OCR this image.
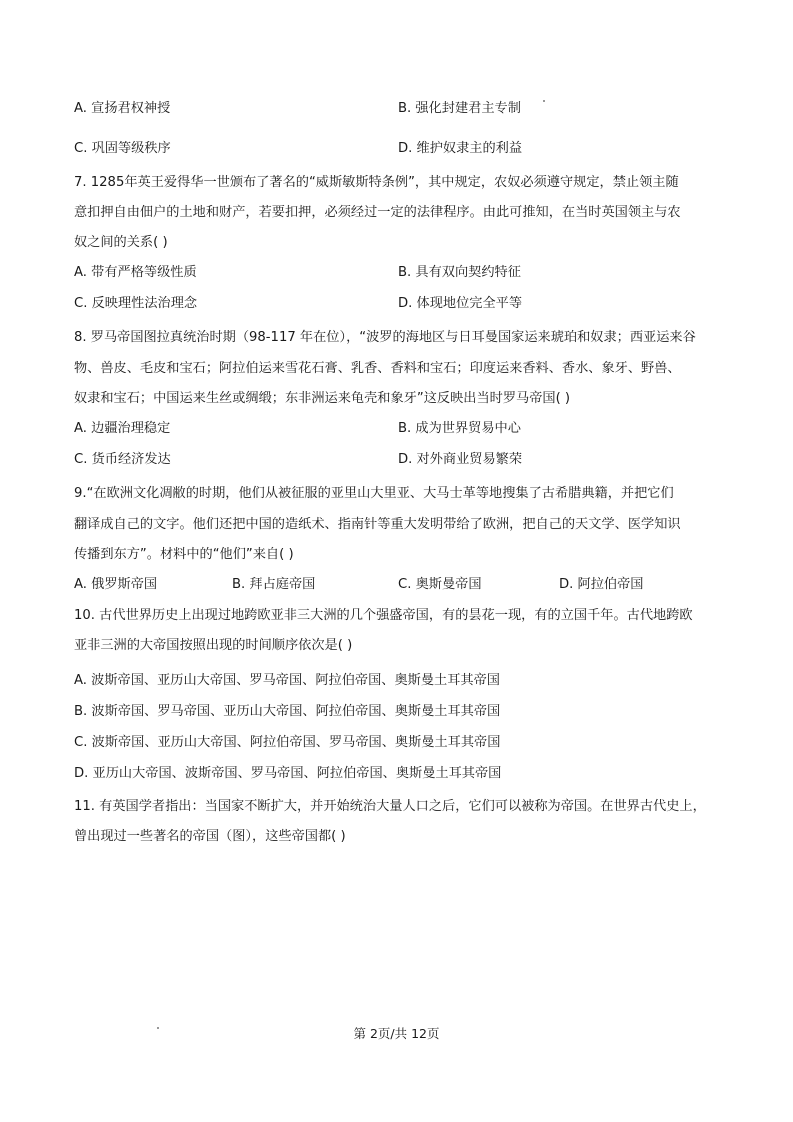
A. 宣扬君权神授	B. 强化封建君主专制
C. 巩固等级秩序	D. 维护奴隶主的利益
7. 1285年英王爱得华一世颁布了著名的“威斯敏斯特条例”，其中规定，农奴必须遵守规定，禁止领主随
意扣押自由佃户的土地和财产，若要扣押，必须经过一定的法律程序。由此可推知，在当时英国领主与农
奴之间的关系( )
A. 带有严格等级性质	B. 具有双向契约特征
C. 反映理性法治理念	D. 体现地位完全平等
8. 罗马帝国图拉真统治时期（98-117 年在位），“波罗的海地区与日耳曼国家运来琥珀和奴隶；西亚运来谷
物、兽皮、毛皮和宝石；阿拉伯运来雪花石膏、乳香、香料和宝石；印度运来香料、香水、象牙、野兽、
奴隶和宝石；中国运来生丝或绸缎；东非洲运来龟壳和象牙”这反映出当时罗马帝国( )
A. 边疆治理稳定	B. 成为世界贸易中心
C. 货币经济发达	D. 对外商业贸易繁荣
9.“在欧洲文化凋敝的时期，他们从被征服的亚里山大里亚、大马士革等地搜集了古希腊典籍，并把它们
翻译成自己的文字。他们还把中国的造纸术、指南针等重大发明带给了欧洲，把自己的天文学、医学知识
传播到东方”。材料中的“他们”来自( )
A. 俄罗斯帝国	B. 拜占庭帝国	C. 奥斯曼帝国	D. 阿拉伯帝国
10. 古代世界历史上出现过地跨欧亚非三大洲的几个强盛帝国，有的昙花一现，有的立国千年。古代地跨欧
亚非三洲的大帝国按照出现的时间顺序依次是( )
A. 波斯帝国、亚历山大帝国、罗马帝国、阿拉伯帝国、奥斯曼土耳其帝国
B. 波斯帝国、罗马帝国、亚历山大帝国、阿拉伯帝国、奥斯曼土耳其帝国
C. 波斯帝国、亚历山大帝国、阿拉伯帝国、罗马帝国、奥斯曼土耳其帝国
D. 亚历山大帝国、波斯帝国、罗马帝国、阿拉伯帝国、奥斯曼土耳其帝国
11. 有英国学者指出：当国家不断扩大，并开始统治大量人口之后，它们可以被称为帝国。在世界古代史上，
曾出现过一些著名的帝国（图），这些帝国都( )
第 2页/共 12页
